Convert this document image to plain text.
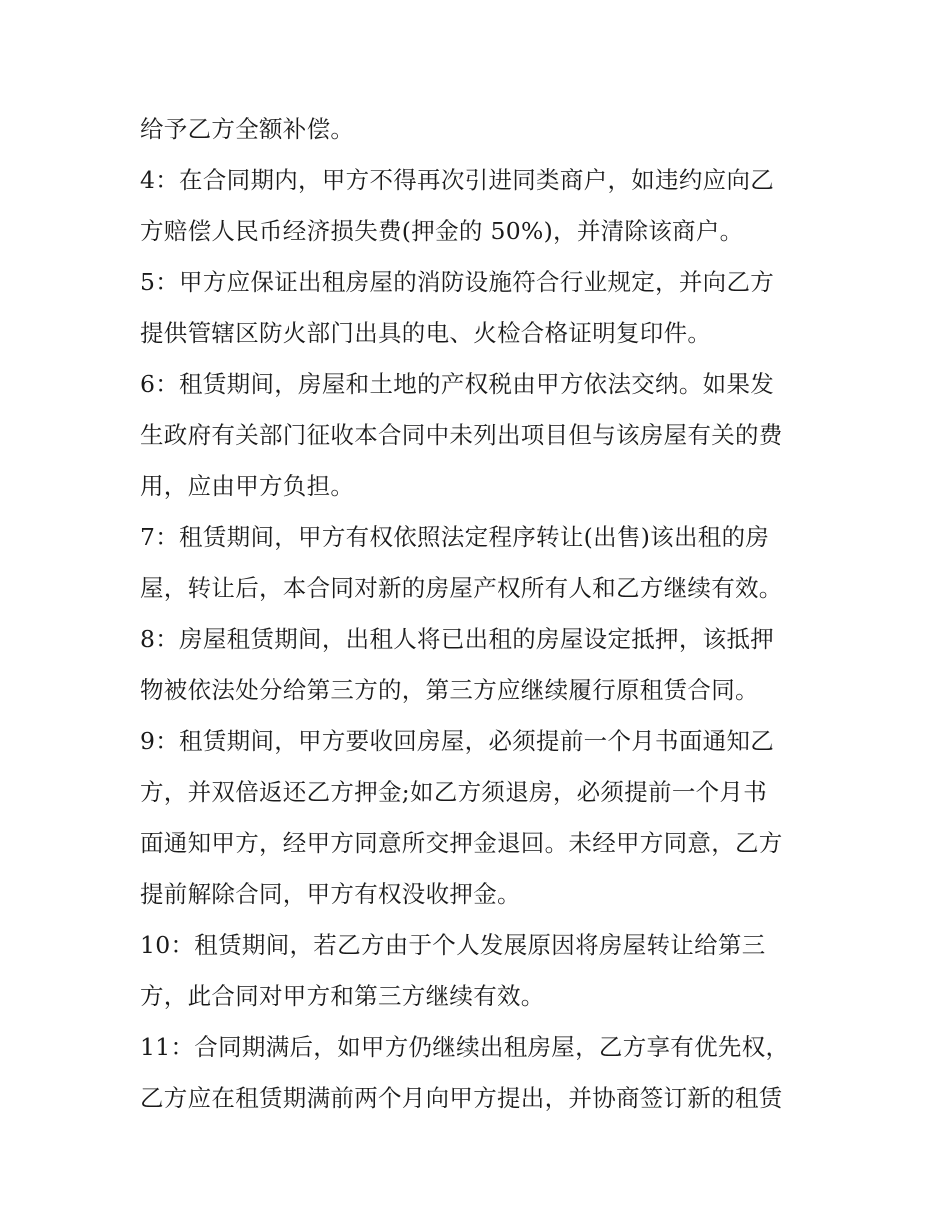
给予乙方全额补偿。
4：在合同期内，甲方不得再次引进同类商户，如违约应向乙
方赔偿人民币经济损失费(押金的 50%)，并清除该商户。
5：甲方应保证出租房屋的消防设施符合行业规定，并向乙方
提供管辖区防火部门出具的电、火检合格证明复印件。
6：租赁期间，房屋和土地的产权税由甲方依法交纳。如果发
生政府有关部门征收本合同中未列出项目但与该房屋有关的费
用，应由甲方负担。
7：租赁期间，甲方有权依照法定程序转让(出售)该出租的房
屋，转让后，本合同对新的房屋产权所有人和乙方继续有效。
8：房屋租赁期间，出租人将已出租的房屋设定抵押，该抵押
物被依法处分给第三方的，第三方应继续履行原租赁合同。
9：租赁期间，甲方要收回房屋，必须提前一个月书面通知乙
方，并双倍返还乙方押金;如乙方须退房，必须提前一个月书
面通知甲方，经甲方同意所交押金退回。未经甲方同意，乙方
提前解除合同，甲方有权没收押金。
10：租赁期间，若乙方由于个人发展原因将房屋转让给第三
方，此合同对甲方和第三方继续有效。
11：合同期满后，如甲方仍继续出租房屋，乙方享有优先权，
乙方应在租赁期满前两个月向甲方提出，并协商签订新的租赁
